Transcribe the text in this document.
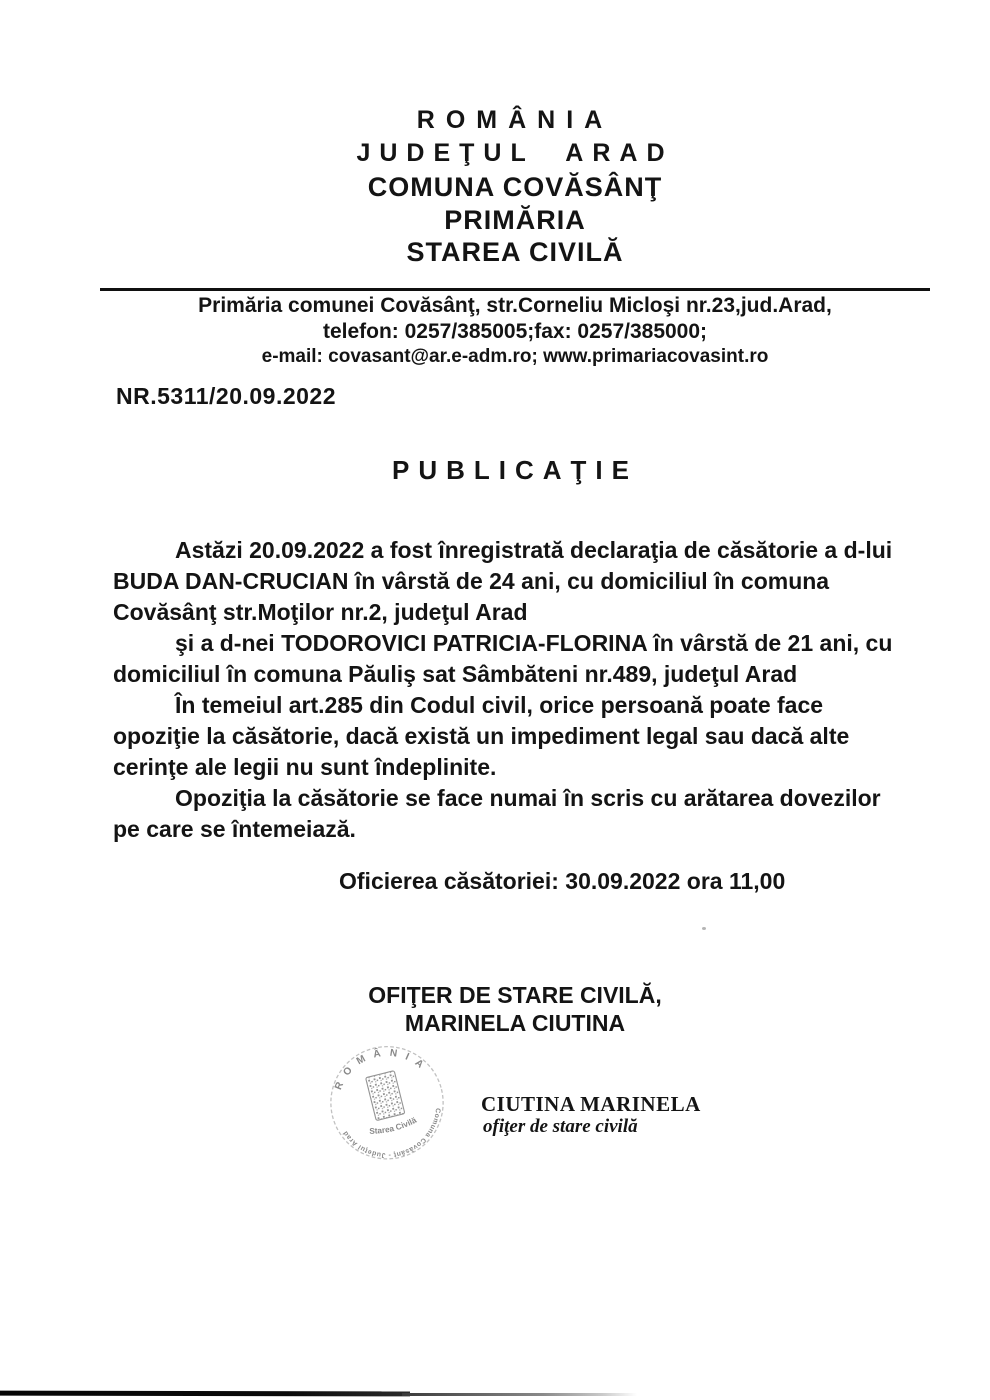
ROMÂNIA
JUDEŢUL ARAD
COMUNA COVĂSÂNŢ
PRIMĂRIA
STAREA CIVILĂ
Primăria comunei Covăsânţ, str.Corneliu Micloşi nr.23,jud.Arad,
telefon: 0257/385005;fax: 0257/385000;
e-mail: covasant@ar.e-adm.ro; www.primariacovasint.ro
NR.5311/20.09.2022
PUBLICAŢIE

Astăzi 20.09.2022 a fost înregistrată declaraţia de căsătorie a d-lui BUDA DAN-CRUCIAN în vârstă de 24 ani, cu domiciliul în comuna Covăsânţ str.Moţilor nr.2, judeţul Arad

şi a d-nei TODOROVICI PATRICIA-FLORINA în vârstă de 21 ani, cu domiciliul în comuna Păuliş sat Sâmbăteni nr.489, judeţul Arad

În temeiul art.285 din Codul civil, orice persoană poate face opoziţie la căsătorie, dacă există un impediment legal sau dacă alte cerinţe ale legii nu sunt îndeplinite.

Opoziţia la căsătorie se face numai în scris cu arătarea dovezilor pe care se întemeiază.

Oficierea căsătoriei: 30.09.2022 ora 11,00
OFIŢER DE STARE CIVILĂ,
MARINELA CIUTINA
R O M Â N I A
Comuna Covăsânţ - Judeţul Arad	Starea Civilă
CIUTINA MARINELA
ofiţer de stare civilă
